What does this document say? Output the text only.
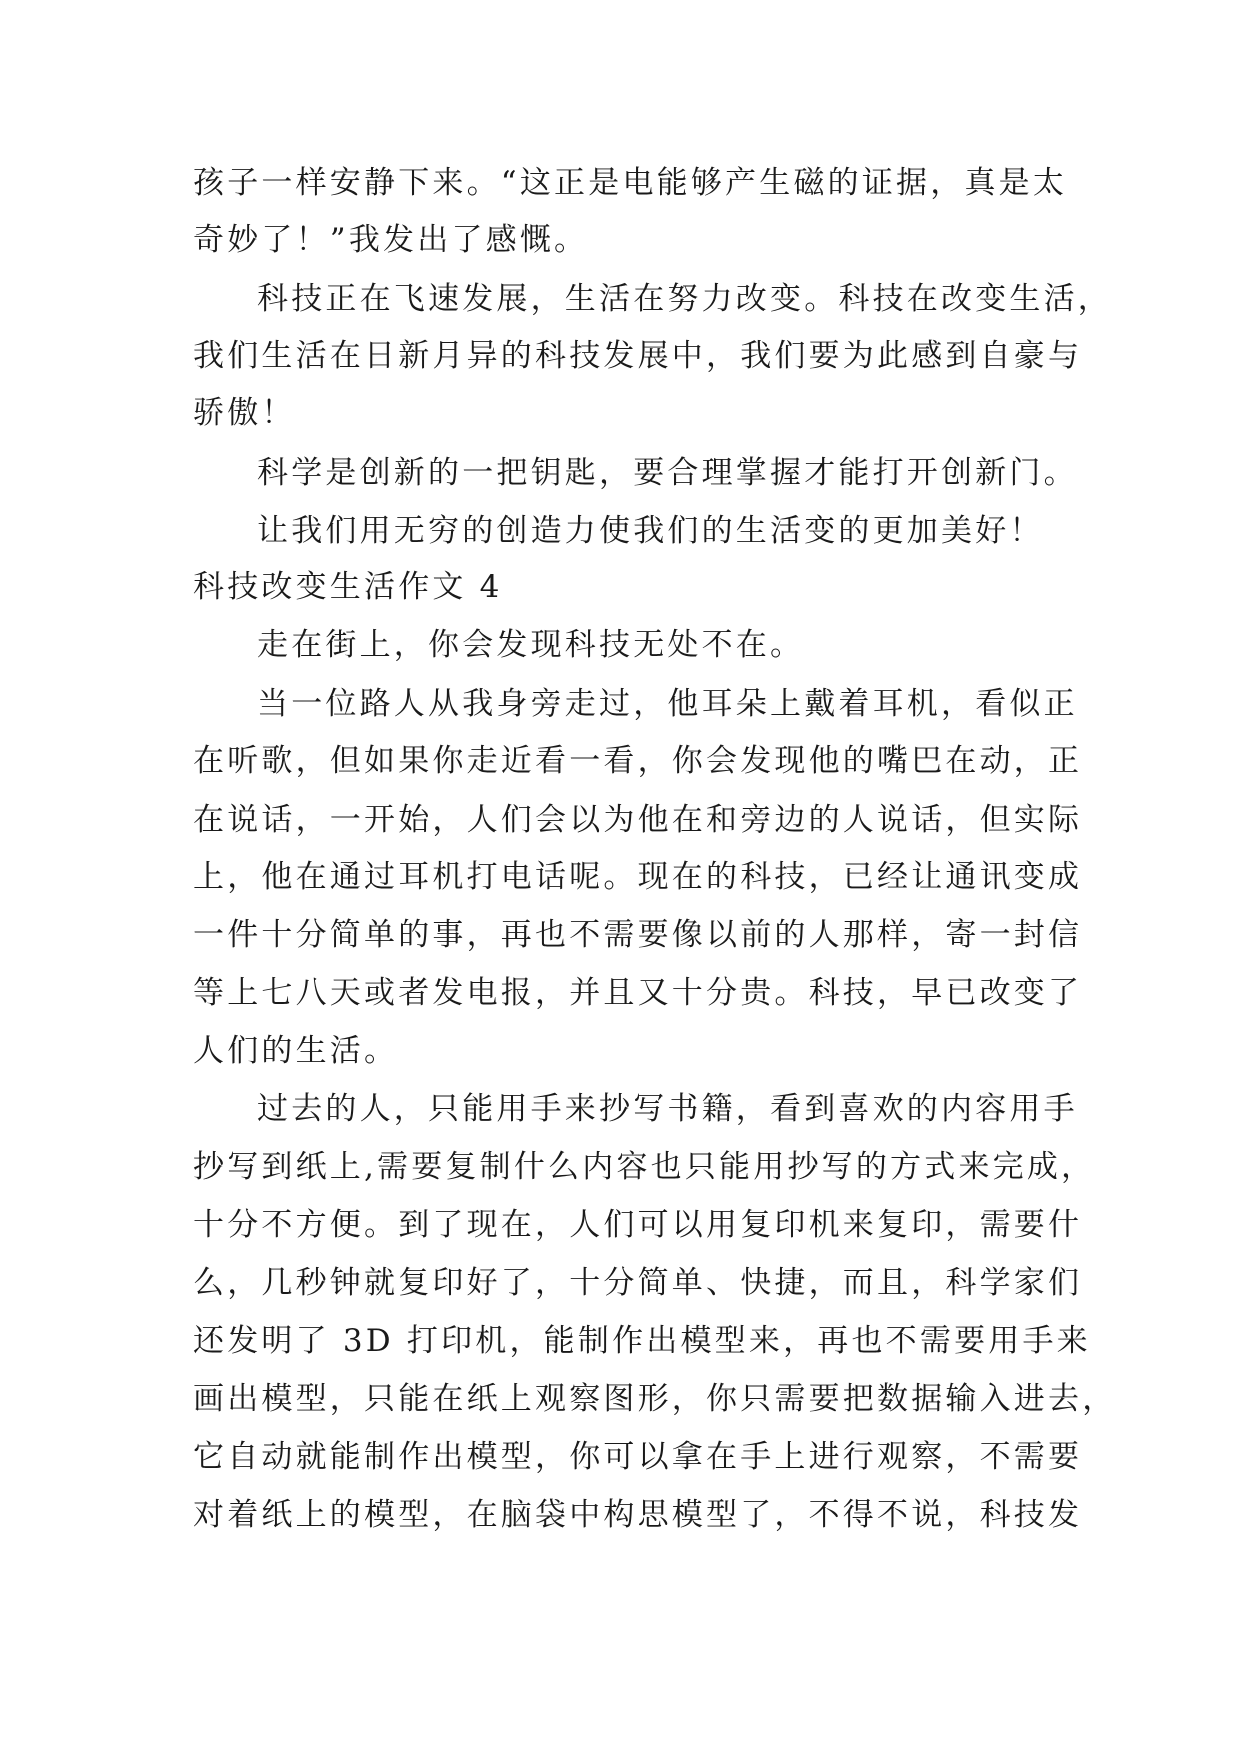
孩子一样安静下来。“这正是电能够产生磁的证据，真是太
奇妙了！”我发出了感慨。
科技正在飞速发展，生活在努力改变。科技在改变生活，
我们生活在日新月异的科技发展中，我们要为此感到自豪与
骄傲！
科学是创新的一把钥匙，要合理掌握才能打开创新门。
让我们用无穷的创造力使我们的生活变的更加美好！
科技改变生活作文 4
走在街上，你会发现科技无处不在。
当一位路人从我身旁走过，他耳朵上戴着耳机，看似正
在听歌，但如果你走近看一看，你会发现他的嘴巴在动，正
在说话，一开始，人们会以为他在和旁边的人说话，但实际
上，他在通过耳机打电话呢。现在的科技，已经让通讯变成
一件十分简单的事，再也不需要像以前的人那样，寄一封信
等上七八天或者发电报，并且又十分贵。科技，早已改变了
人们的生活。
过去的人，只能用手来抄写书籍，看到喜欢的内容用手
抄写到纸上,需要复制什么内容也只能用抄写的方式来完成，
十分不方便。到了现在，人们可以用复印机来复印，需要什
么，几秒钟就复印好了，十分简单、快捷，而且，科学家们
还发明了 3D 打印机，能制作出模型来，再也不需要用手来
画出模型，只能在纸上观察图形，你只需要把数据输入进去，
它自动就能制作出模型，你可以拿在手上进行观察，不需要
对着纸上的模型，在脑袋中构思模型了，不得不说，科技发
